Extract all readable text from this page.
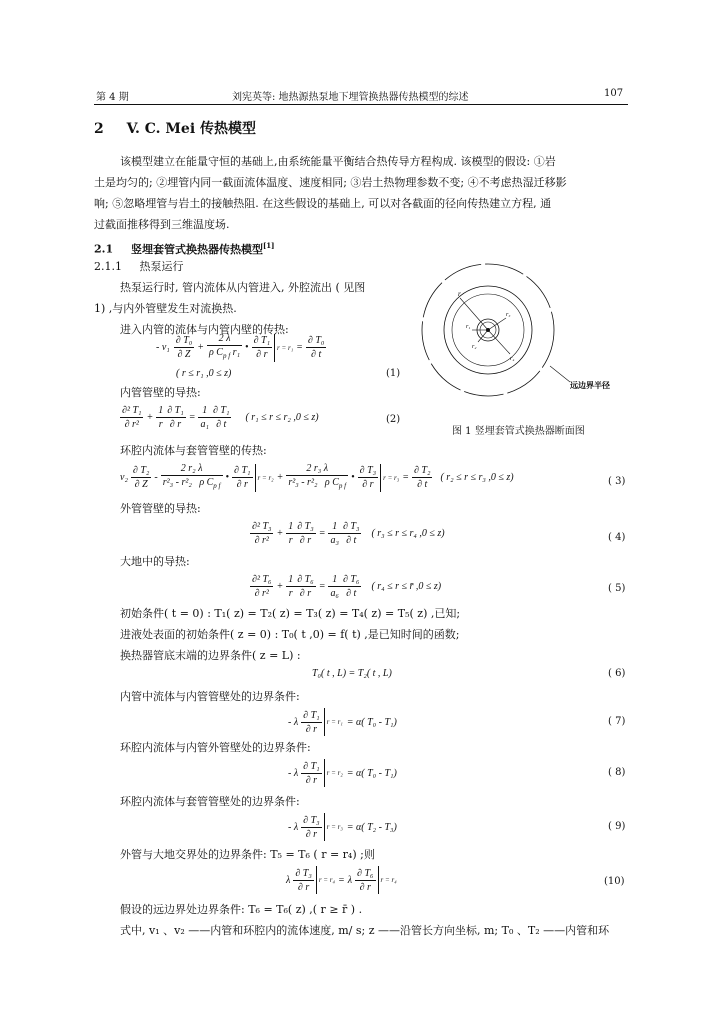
第 4 期	刘宪英等: 地热源热泵地下埋管换热器传热模型的综述	107
2 V. C. Mei 传热模型
该模型建立在能量守恒的基础上,由系统能量平衡结合热传导方程构成. 该模型的假设: ①岩
土是均匀的; ②埋管内同一截面流体温度、速度相同; ③岩土热物理参数不变; ④不考虑热湿迁移影
响; ⑤忽略埋管与岩土的接触热阻. 在这些假设的基础上, 可以对各截面的径向传热建立方程, 通
过截面推移得到三维温度场.
2.1 竖埋套管式换热器传热模型[1]
2.1.1 热泵运行
热泵运行时, 管内流体从内管进入, 外腔流出 ( 见图
1) ,与内外管壁发生对流换热.
进入内管的流体与内管内壁的传热:
r
r₁
r₂
r₃
r₄
远边界半径
图 1 竖埋套管式换热器断面图
- $v_1 \frac{\text{∂ T₀}}{\partial Z} + \frac{2 \lambda}{\rho C_{p f} r_1}$ • $\frac{\text{∂ T₁}}{\partial r}$ $r = r_1 = \frac{\text{∂ T₀}}{\partial t}$
( r ≤ r₁ ,0 ≤ z)	(1)
内管管壁的导热:
$\frac{\text{∂² T₁}}{\text{∂ r²}} + \frac{1}{r} \frac{\text{∂ T₁}}{\partial r} = \frac{1}{\text{a₁}} \frac{\text{∂ T₁}}{\partial t}$ ( r₁ ≤ r ≤ r₂ ,0 ≤ z)	(2)
环腔内流体与套管管壁的传热:
$v_2 \frac{\text{∂ T₂}}{\partial Z} - \frac{\text{2 r₂ λ}}{r^2_3 - r^2_2 \rho C_{p f}}$ • $\frac{\text{∂ T₁}}{\partial r}$ $r = r_2 + \frac{\text{2 r₃ λ}}{r^2_3 - r^2_2 \rho C_{p f}}$ • $\frac{\text{∂ T₃}}{\partial r}$ $r = r_3 = \frac{\text{∂ T₂}}{\partial t}$ ( r₂ ≤ r ≤ r₃ ,0 ≤ z)	( 3)
外管管壁的导热:
$\frac{\text{∂² T₃}}{\text{∂ r²}} + \frac{1}{r} \frac{\text{∂ T₃}}{\partial r} = \frac{1}{\text{a₃}} \frac{\text{∂ T₃}}{\partial t}$ ( r₃ ≤ r ≤ r₄ ,0 ≤ z)	( 4)
大地中的导热:
$\frac{\text{∂² T₆}}{\text{∂ r²}} + \frac{1}{r} \frac{\text{∂ T₆}}{\partial r} = \frac{1}{\text{a₆}} \frac{\text{∂ T₆}}{\partial t}$ ( r₄ ≤ r ≤ r̄ ,0 ≤ z)	( 5)
初始条件( t = 0) : T₁( z) = T₂( z) = T₃( z) = T₄( z) = T₅( z) ,已知;
进液处表面的初始条件( z = 0) : T₀( t ,0) = f( t) ,是已知时间的函数;
换热器管底末端的边界条件( z = L) :
T₀( t , L) = T₂( t , L)	( 6)
内管中流体与内管管壁处的边界条件:
- λ $\frac{\text{∂ T₁}}{\partial r}$ r = r₁ = α( T₀ - T₁)	( 7)
环腔内流体与内管外管壁处的边界条件:
- λ $\frac{\text{∂ T₁}}{\partial r}$ r = r₂ = α( T₀ - T₁)	( 8)
环腔内流体与套管管壁处的边界条件:
- λ $\frac{\text{∂ T₃}}{\partial r}$ r = r₃ = α( T₂ - T₃)	( 9)
外管与大地交界处的边界条件: T₅ = T₆ ( r = r₄) ;则
λ $\frac{\text{∂ T₃}}{\partial r}$ r = r₄ = λ $\frac{\text{∂ T₆}}{\partial r}$ r = r₄	(10)
假设的远边界处边界条件: T₆ = T₆( z) ,( r ≥ r̄ ) .
式中, v₁ 、v₂ ——内管和环腔内的流体速度, m/ s; z ——沿管长方向坐标, m; T₀ 、T₂ ——内管和环
